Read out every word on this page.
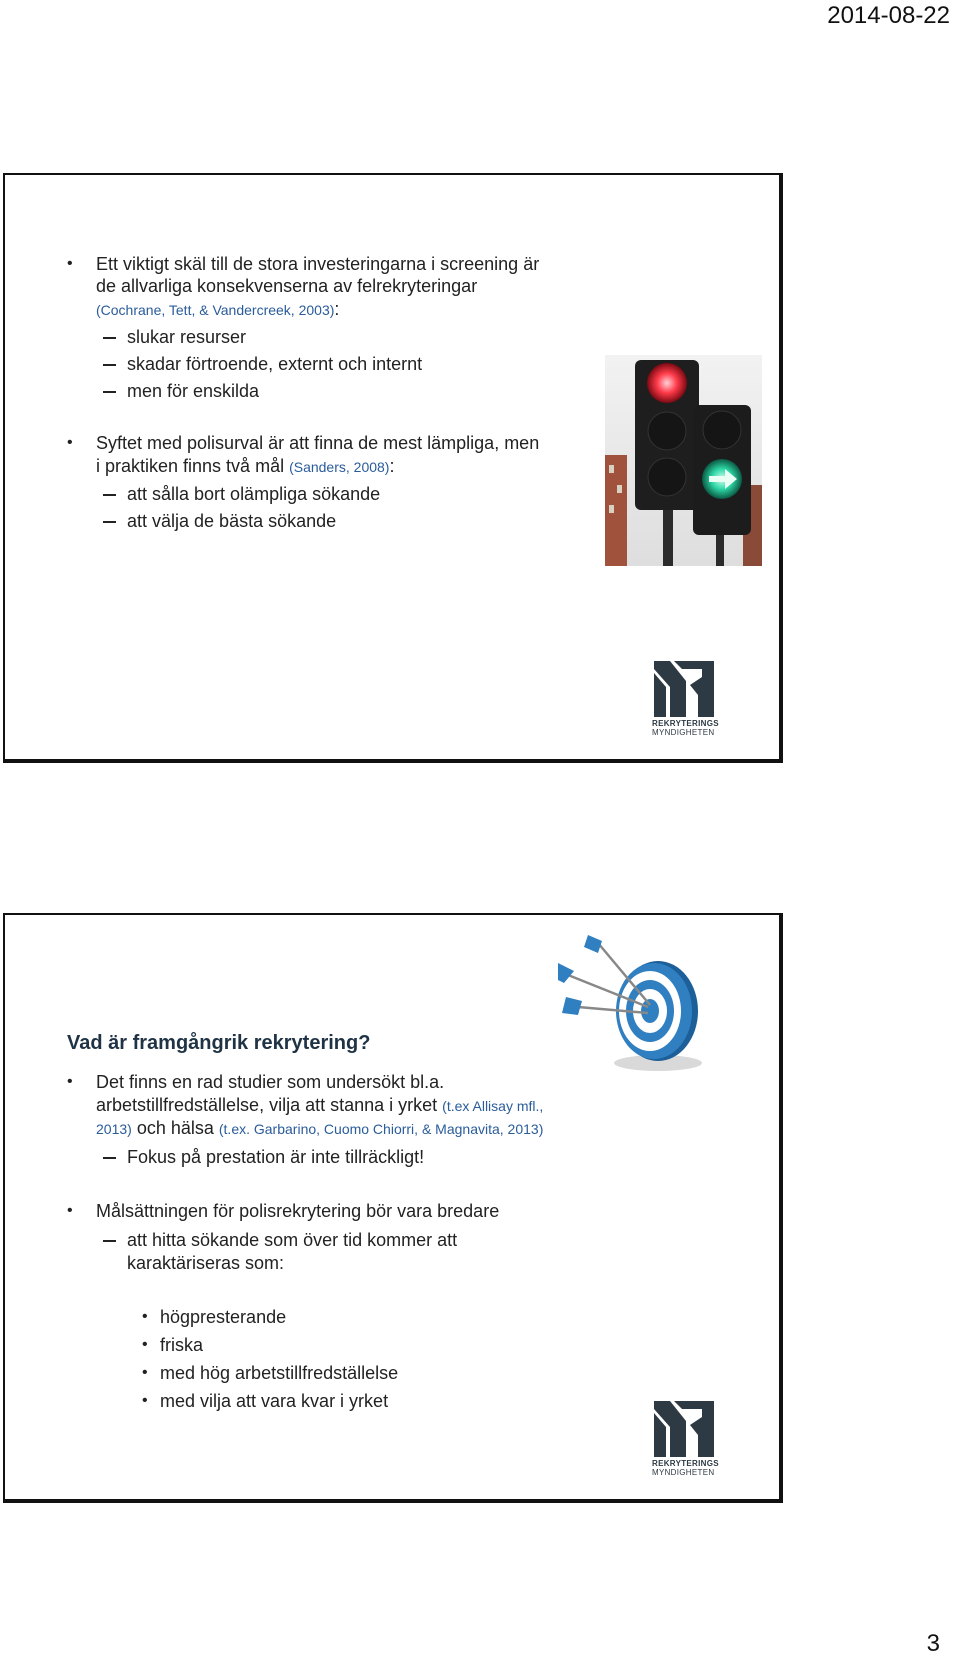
2014-08-22
• Ett viktigt skäl till de stora investeringarna i screening är
de allvarliga konsekvenserna av felrekryteringar
(Cochrane, Tett, & Vandercreek, 2003):
slukar resurser
skadar förtroende, externt och internt
men för enskilda
• Syftet med polisurval är att finna de mest lämpliga, men
i praktiken finns två mål (Sanders, 2008):
att sålla bort olämpliga sökande
att välja de bästa sökande
REKRYTERINGS
MYNDIGHETEN
Vad är framgångrik rekrytering?
• Det finns en rad studier som undersökt bl.a.
arbetstillfredställelse, vilja att stanna i yrket (t.ex Allisay mfl.,
2013) och hälsa (t.ex. Garbarino, Cuomo Chiorri, & Magnavita, 2013)
Fokus på prestation är inte tillräckligt!
• Målsättningen för polisrekrytering bör vara bredare
att hitta sökande som över tid kommer att
karaktäriseras som:
• högpresterande
• friska
• med hög arbetstillfredställelse
• med vilja att vara kvar i yrket
REKRYTERINGS
MYNDIGHETEN
3
